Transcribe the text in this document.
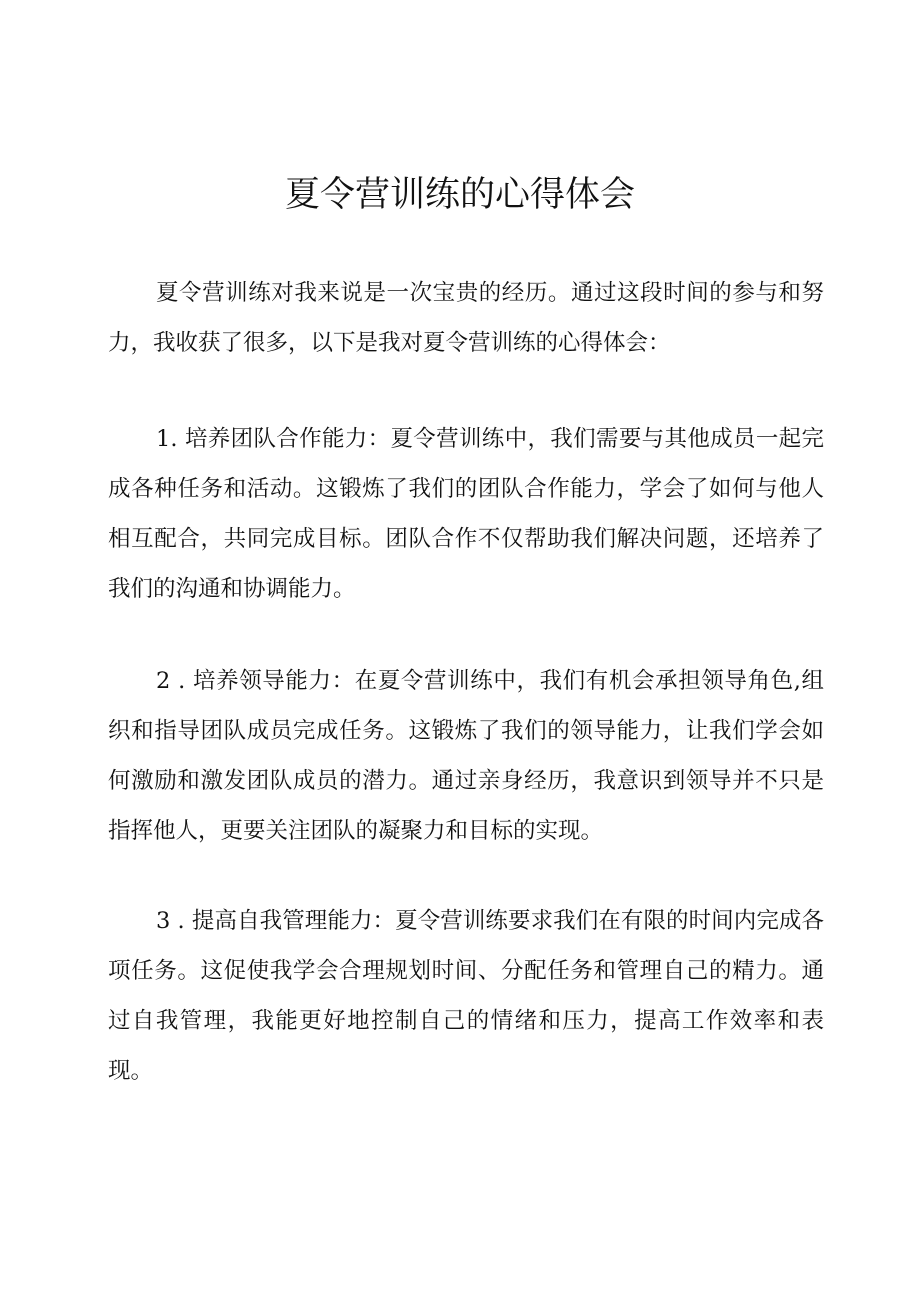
夏令营训练的心得体会

夏令营训练对我来说是一次宝贵的经历。通过这段时间的参与和努力，我收获了很多，以下是我对夏令营训练的心得体会：

1. 培养团队合作能力：夏令营训练中，我们需要与其他成员一起完成各种任务和活动。这锻炼了我们的团队合作能力，学会了如何与他人相互配合，共同完成目标。团队合作不仅帮助我们解决问题，还培养了我们的沟通和协调能力。

2 . 培养领导能力：在夏令营训练中，我们有机会承担领导角色,组织和指导团队成员完成任务。这锻炼了我们的领导能力，让我们学会如何激励和激发团队成员的潜力。通过亲身经历，我意识到领导并不只是指挥他人，更要关注团队的凝聚力和目标的实现。

3 . 提高自我管理能力：夏令营训练要求我们在有限的时间内完成各项任务。这促使我学会合理规划时间、分配任务和管理自己的精力。通过自我管理，我能更好地控制自己的情绪和压力，提高工作效率和表现。
